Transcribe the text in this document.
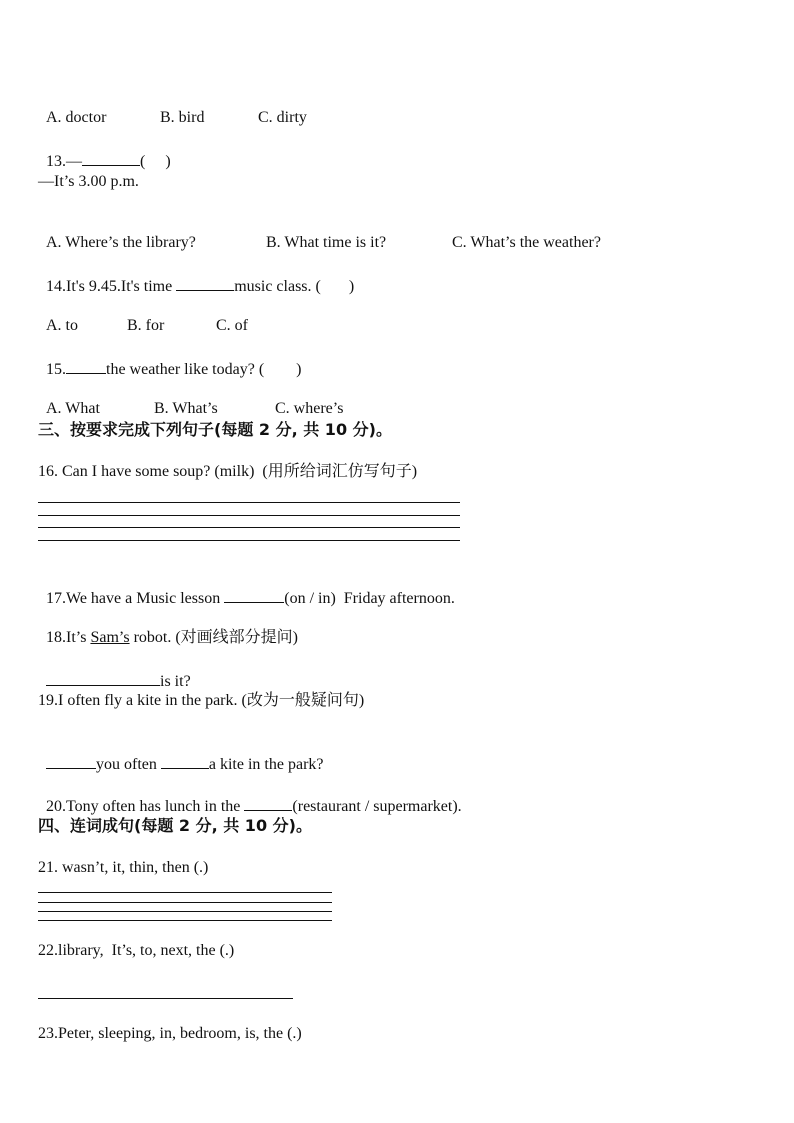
A. doctor	B. bird	C. dirty

13.—	(     )

—It’s 3.00 p.m.

A. Where’s the library?	B. What time is it?	C. What’s the weather?

14.It's 9.45.It's time	music class. (       )

A. to	B. for	C. of

15.	the weather like today? (        )

A. What	B. What’s	C. where’s

三、按要求完成下列句子(每题 2 分, 共 10 分)。
16. Can I have some soup? (milk)  (用所给词汇仿写句子)

17.We have a Music lesson	(on / in)  Friday afternoon.

18.It’s Sam’s robot. (对画线部分提问)

is it?

19.I often fly a kite in the park. (改为一般疑问句)

you often	a kite in the park?

20.Tony often has lunch in the	(restaurant / supermarket).

四、连词成句(每题 2 分, 共 10 分)。
21. wasn’t, it, thin, then (.)
22.library,  It’s, to, next, the (.)
23.Peter, sleeping, in, bedroom, is, the (.)
